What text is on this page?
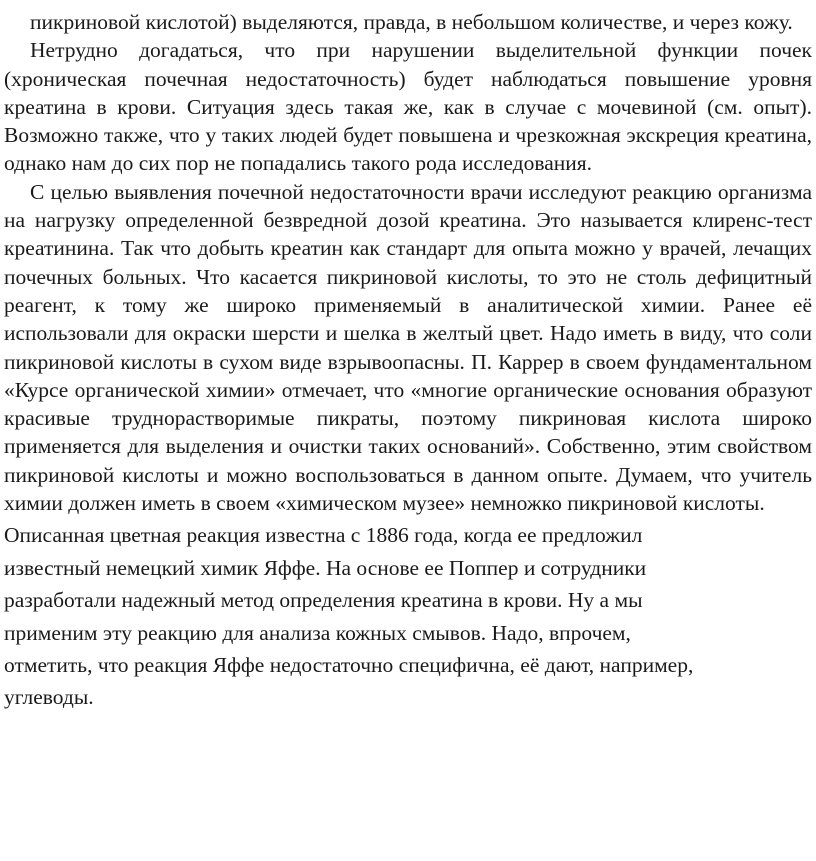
пикриновой кислотой) выделяются, правда, в небольшом количестве, и через кожу.

Нетрудно догадаться, что при нарушении выделительной функции почек (хроническая почечная недостаточность) будет наблюдаться повышение уровня креатина в крови. Ситуация здесь такая же, как в случае с мочевиной (см. опыт). Возможно также, что у таких людей будет повышена и чрезкожная экскреция креатина, однако нам до сих пор не попадались такого рода исследования.

С целью выявления почечной недостаточности врачи исследуют реакцию организма на нагрузку определенной безвредной дозой креатина. Это называется клиренс-тест креатинина. Так что добыть креатин как стандарт для опыта можно у врачей, лечащих почечных больных. Что касается пикриновой кислоты, то это не столь дефицитный реагент, к тому же широко применяемый в аналитической химии. Ранее её использовали для окраски шерсти и шелка в желтый цвет. Надо иметь в виду, что соли пикриновой кислоты в сухом виде взрывоопасны. П. Каррер в своем фундаментальном «Курсе органической химии» отмечает, что «многие органические основания образуют красивые труднорастворимые пикраты, поэтому пикриновая кислота широко применяется для выделения и очистки таких оснований». Собственно, этим свойством пикриновой кислоты и можно воспользоваться в данном опыте. Думаем, что учитель химии должен иметь в своем «химическом музее» немножко пикриновой кислоты.

Описанная цветная реакция известна с 1886 года, когда ее предложил
известный немецкий химик Яффе. На основе ее Поппер и сотрудники
разработали надежный метод определения креатина в крови. Ну а мы
применим эту реакцию для анализа кожных смывов. Надо, впрочем,
отметить, что реакция Яффе недостаточно специфична, её дают, например,
углеводы.
